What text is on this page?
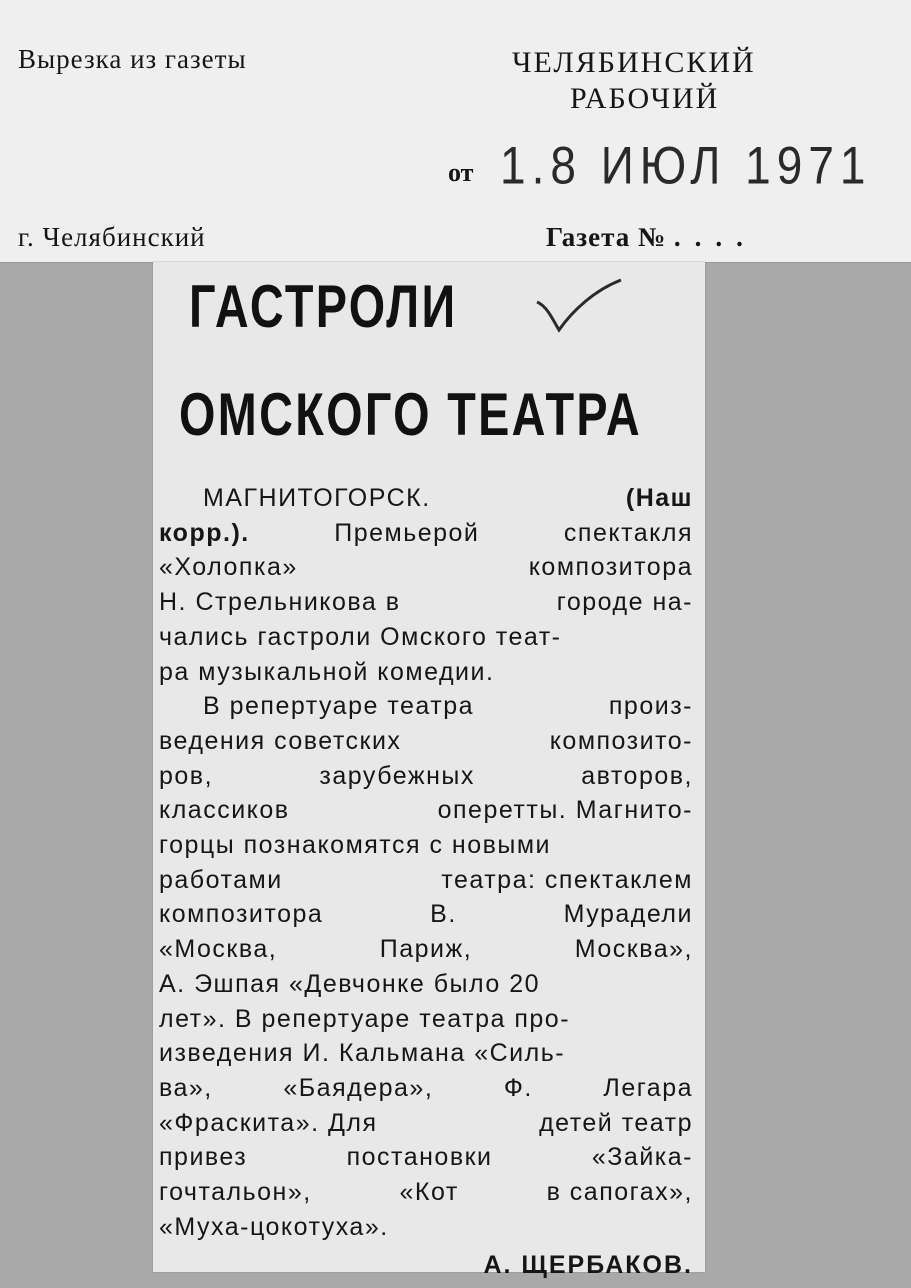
Вырезка из газеты	ЧЕЛЯБИНСКИЙ
РАБОЧИЙ
от 1.8 ИЮЛ 1971
г. Челябинский	Газета № ....
ГАСТРОЛИ
ОМСКОГО ТЕАТРА
МАГНИТОГОРСК.	(Наш
корр.).	Премьерой	спектакля
«Холопка»	композитора
Н. Стрельникова в	городе на-
чались гастроли Омского теат-
ра музыкальной комедии.
В репертуаре театра	произ-
ведения советских	композито-
ров,	зарубежных	авторов,
классиков	оперетты. Магнито-
горцы познакомятся с новыми
работами	театра: спектаклем
композитора	В.	Мурадели
«Москва,	Париж,	Москва»,
А. Эшпая «Девчонке было 20
лет». В репертуаре театра про-
изведения И. Кальмана «Силь-
ва»,	«Баядера»,	Ф.	Легара
«Фраскита». Для	детей театр
привез	постановки	«Зайка-
гочтальон»,	«Кот	в сапогах»,
«Муха-цокотуха».
А. ЩЕРБАКОВ.
